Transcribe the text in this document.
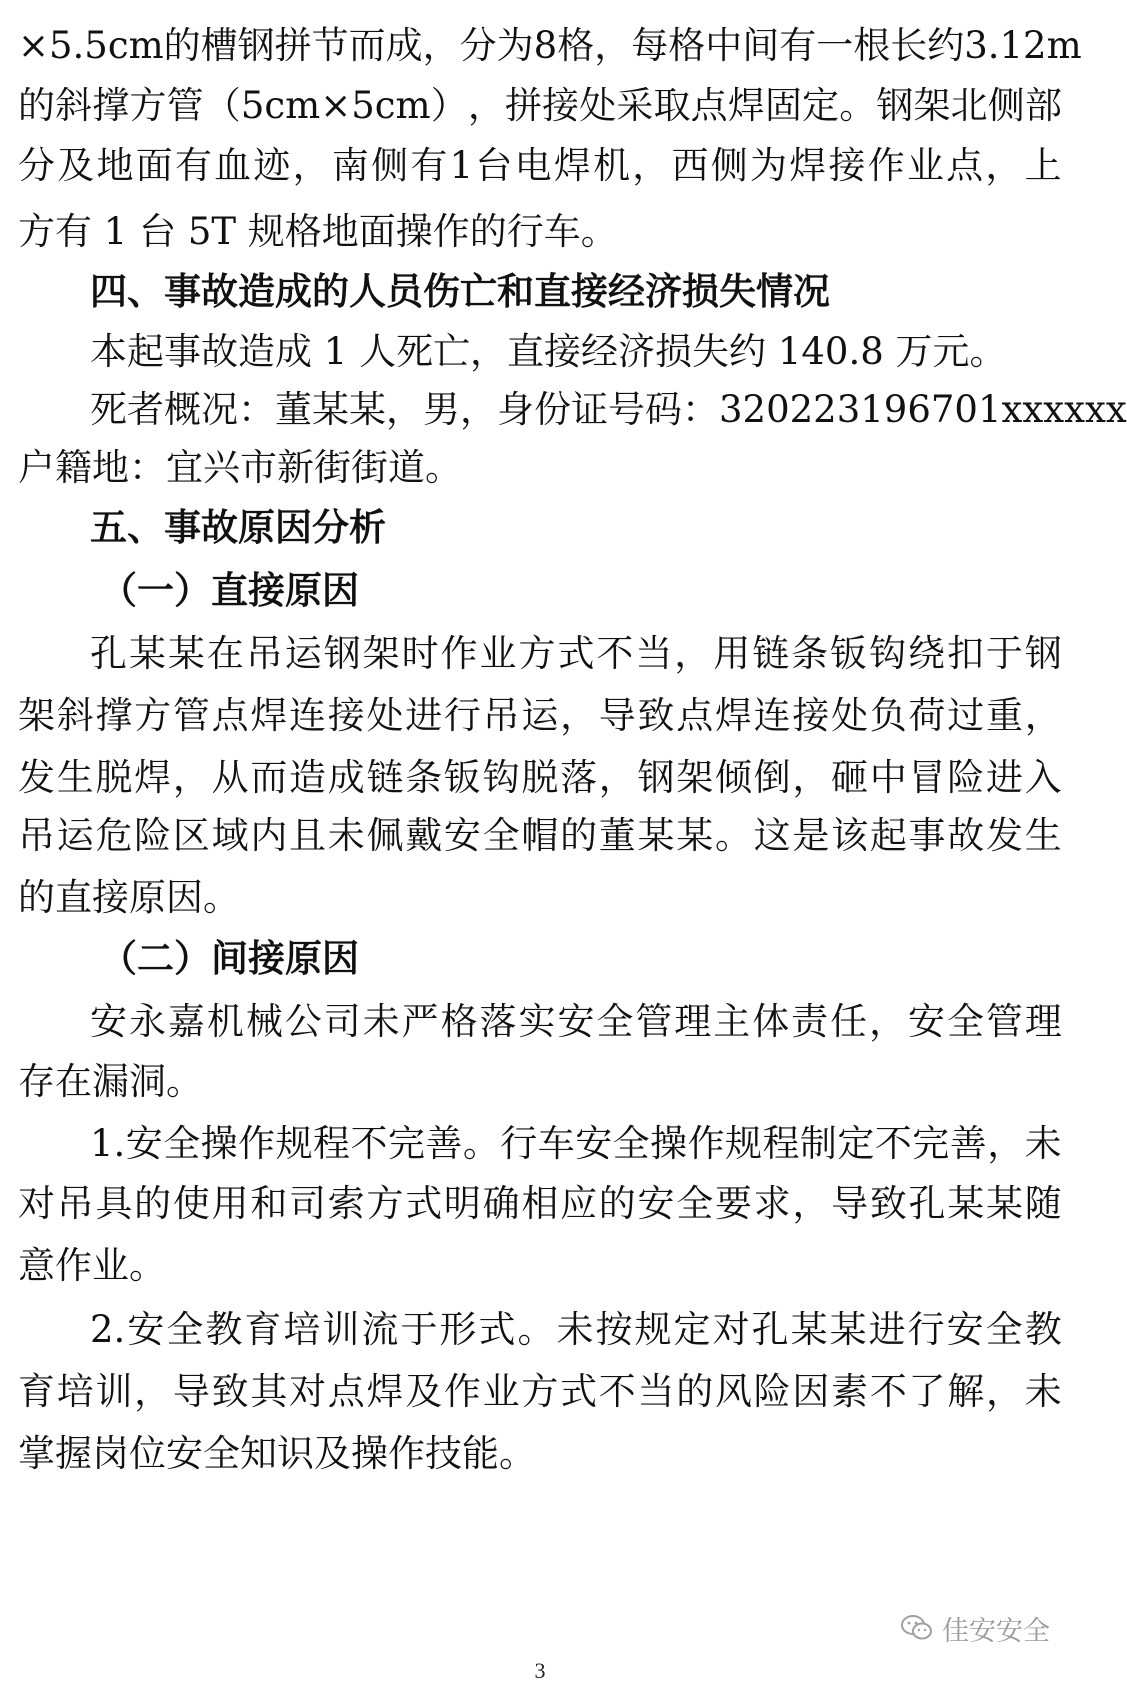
×5.5cm 的 槽 钢 拼 节 而 成 ， 分 为 8 格 ， 每 格 中 间 有 一 根 长 约 3.12m
的 斜 撑 方 管 （ 5cm×5cm ） ， 拼 接 处 采 取 点 焊 固 定 。 钢 架 北 侧 部
分 及 地 面 有 血 迹 ， 南 侧 有 1 台 电 焊 机 ， 西 侧 为 焊 接 作 业 点 ， 上
方有 1 台 5T 规格地面操作的行车。
四、事故造成的人员伤亡和直接经济损失情况
本起事故造成 1 人死亡，直接经济损失约 140.8 万元。
死 者 概 况 ： 董 某 某 ， 男 ， 身 份 证 号 码 ： 320223196701xxxxxx
户籍地：宜兴市新街街道。
五、事故原因分析
（一）直接原因
孔 某 某 在 吊 运 钢 架 时 作 业 方 式 不 当 ， 用 链 条 钣 钩 绕 扣 于 钢
架 斜 撑 方 管 点 焊 连 接 处 进 行 吊 运 ， 导 致 点 焊 连 接 处 负 荷 过 重 ，
发 生 脱 焊 ， 从 而 造 成 链 条 钣 钩 脱 落 ， 钢 架 倾 倒 ， 砸 中 冒 险 进 入
吊 运 危 险 区 域 内 且 未 佩 戴 安 全 帽 的 董 某 某 。 这 是 该 起 事 故 发 生
的直接原因。
（二）间接原因
安 永 嘉 机 械 公 司 未 严 格 落 实 安 全 管 理 主 体 责 任 ， 安 全 管 理
存在漏洞。
1. 安 全 操 作 规 程 不 完 善 。 行 车 安 全 操 作 规 程 制 定 不 完 善 ， 未
对 吊 具 的 使 用 和 司 索 方 式 明 确 相 应 的 安 全 要 求 ， 导 致 孔 某 某 随
意作业。
2. 安 全 教 育 培 训 流 于 形 式 。 未 按 规 定 对 孔 某 某 进 行 安 全 教
育 培 训 ， 导 致 其 对 点 焊 及 作 业 方 式 不 当 的 风 险 因 素 不 了 解 ， 未
掌握岗位安全知识及操作技能。
佳安安全
3
